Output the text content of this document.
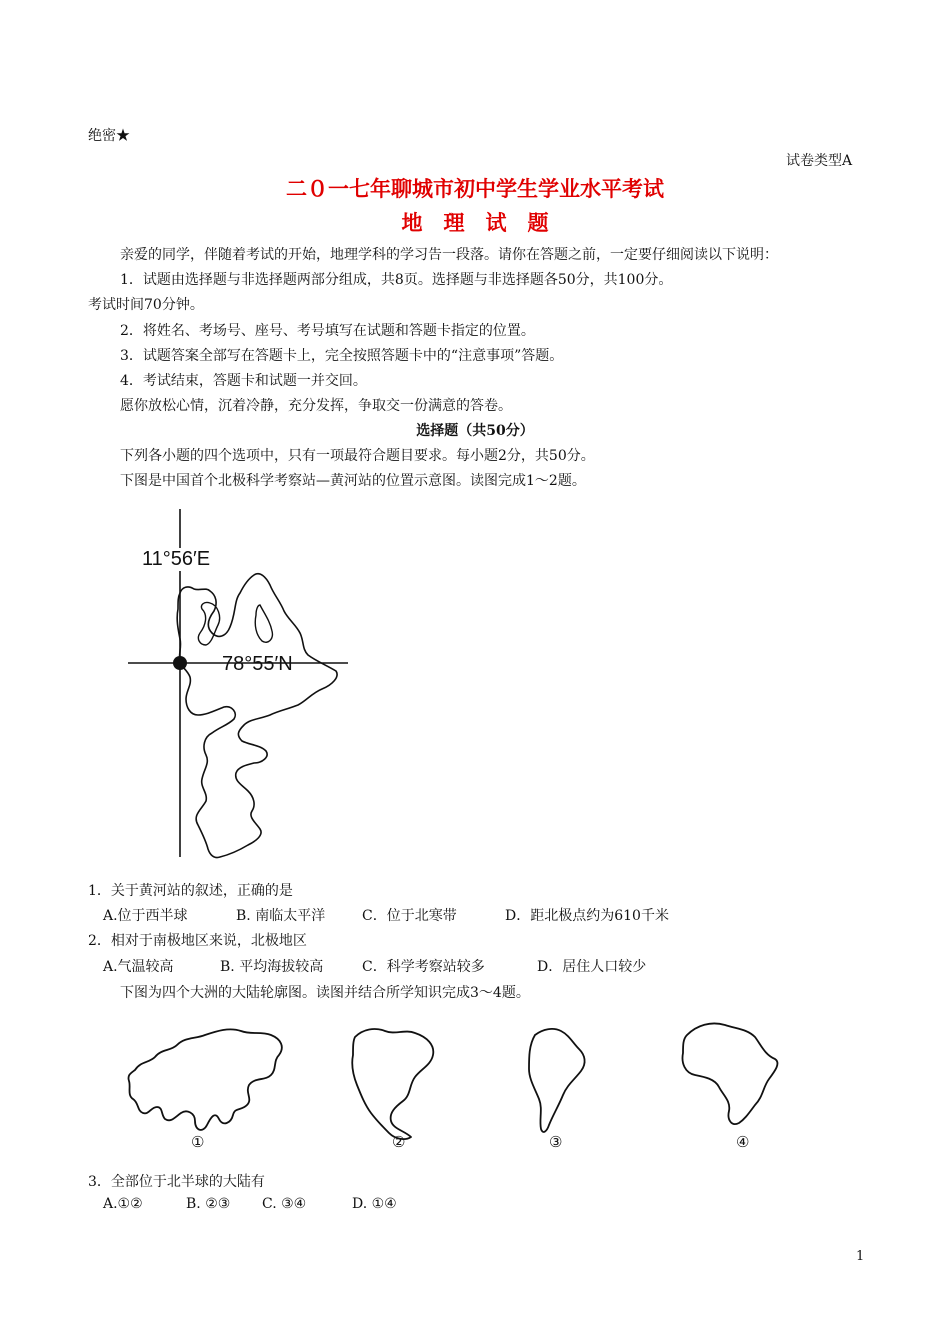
绝密★
试卷类型A
二０一七年聊城市初中学生学业水平考试
地　理　试　题
亲爱的同学，伴随着考试的开始，地理学科的学习告一段落。请你在答题之前，一定要仔细阅读以下说明：
1．试题由选择题与非选择题两部分组成，共8页。选择题与非选择题各50分，共100分。
考试时间70分钟。
2．将姓名、考场号、座号、考号填写在试题和答题卡指定的位置。
3．试题答案全部写在答题卡上，完全按照答题卡中的“注意事项”答题。
4．考试结束，答题卡和试题一并交回。
愿你放松心情，沉着冷静，充分发挥，争取交一份满意的答卷。
选择题（共50分）
下列各小题的四个选项中，只有一项最符合题目要求。每小题2分，共50分。
下图是中国首个北极科学考察站—黄河站的位置示意图。读图完成1～2题。
11°56′E
78°55′N
1．关于黄河站的叙述，正确的是
A.位于西半球	B. 南临太平洋	C．位于北寒带	D．距北极点约为610千米
2．相对于南极地区来说，北极地区
A.气温较高	B. 平均海拔较高	C．科学考察站较多	D．居住人口较少
下图为四个大洲的大陆轮廓图。读图并结合所学知识完成3～4题。
①	②	③	④
3．全部位于北半球的大陆有
A.①②	B. ②③ C. ③④	D. ①④
1
